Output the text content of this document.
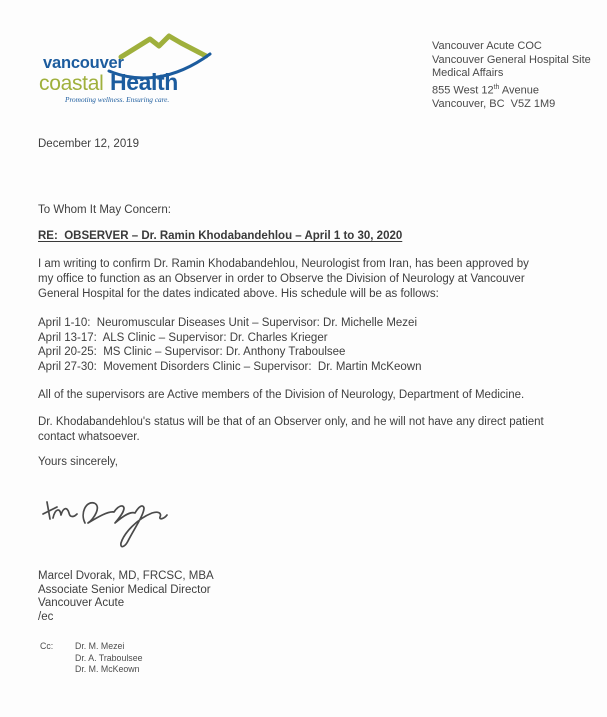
vancouver
coastal Health
Promoting wellness. Ensuring care.
Vancouver Acute COC
Vancouver General Hospital Site
Medical Affairs
855 West 12th Avenue
Vancouver, BC  V5Z 1M9
December 12, 2019
To Whom It May Concern:
RE:  OBSERVER – Dr. Ramin Khodabandehlou – April 1 to 30, 2020
I am writing to confirm Dr. Ramin Khodabandehlou, Neurologist from Iran, has been approved by
my office to function as an Observer in order to Observe the Division of Neurology at Vancouver
General Hospital for the dates indicated above. His schedule will be as follows:
April 1-10:  Neuromuscular Diseases Unit – Supervisor: Dr. Michelle Mezei
April 13-17:  ALS Clinic – Supervisor: Dr. Charles Krieger
April 20-25:  MS Clinic – Supervisor: Dr. Anthony Traboulsee
April 27-30:  Movement Disorders Clinic – Supervisor:  Dr. Martin McKeown
All of the supervisors are Active members of the Division of Neurology, Department of Medicine.
Dr. Khodabandehlou's status will be that of an Observer only, and he will not have any direct patient
contact whatsoever.
Yours sincerely,
Marcel Dvorak, MD, FRCSC, MBA
Associate Senior Medical Director
Vancouver Acute
/ec
Cc:	Dr. M. Mezei
Dr. A. Traboulsee
Dr. M. McKeown
